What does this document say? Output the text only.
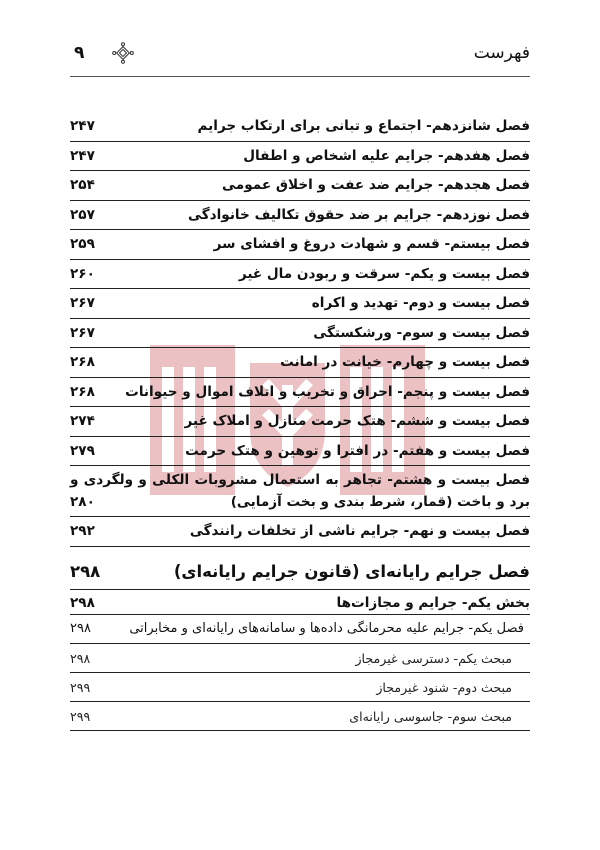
فهرست
۹
فصل شانزدهم- اجتماع و تبانی برای ارتکاب جرایم
۲۴۷
فصل هفدهم- جرایم علیه اشخاص و اطفال
۲۴۷
فصل هجدهم- جرایم ضد عفت و اخلاق عمومی
۲۵۴
فصل نوزدهم- جرایم بر ضد حقوق تکالیف خانوادگی
۲۵۷
فصل بیستم- قسم و شهادت دروغ و افشای سر
۲۵۹
فصل بیست و یکم- سرقت و ربودن مال غیر
۲۶۰
فصل بیست و دوم- تهدید و اکراه
۲۶۷
فصل بیست و سوم- ورشکستگی
۲۶۷
فصل بیست و چهارم- خیانت در امانت
۲۶۸
فصل بیست و پنجم- احراق و تخریب و اتلاف اموال و حیوانات
۲۶۸
فصل بیست و ششم- هتک حرمت منازل و املاک غیر
۲۷۴
فصل بیست و هفتم- در افترا و توهین و هتک حرمت
۲۷۹
فصل بیست و هشتم- تجاهر به استعمال مشروبات الکلی و ولگردی و برد و باخت (قمار، شرط بندی و بخت آزمایی)
۲۸۰
فصل بیست و نهم- جرایم ناشی از تخلفات رانندگی
۲۹۲
فصل جرایم رایانه‌ای (قانون جرایم رایانه‌ای)
۲۹۸
بخش یکم- جرایم و مجازات‌ها
۲۹۸
فصل یکم- جرایم علیه محرمانگی داده‌ها و سامانه‌های رایانه‌ای و مخابراتی
۲۹۸
مبحث یکم- دسترسی غیرمجاز
۲۹۸
مبحث دوم- شنود غیرمجاز
۲۹۹
مبحث سوم- جاسوسی رایانه‌ای
۲۹۹
